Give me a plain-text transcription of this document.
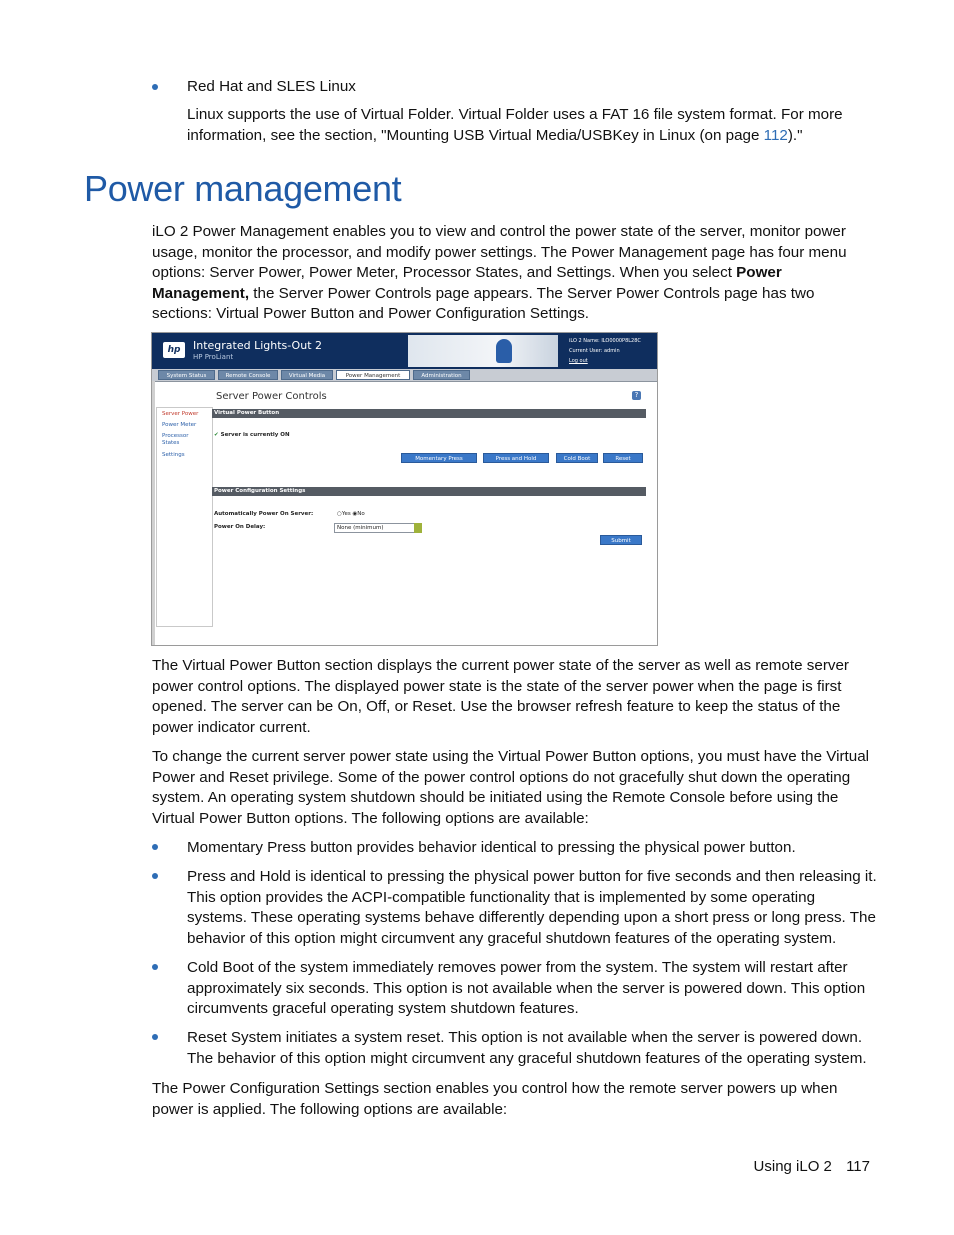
Red Hat and SLES Linux

Linux supports the use of Virtual Folder. Virtual Folder uses a FAT 16 file system format. For more information, see the section, "Mounting USB Virtual Media/USBKey in Linux (on page 112)."

Power management

iLO 2 Power Management enables you to view and control the power state of the server, monitor power usage, monitor the processor, and modify power settings. The Power Management page has four menu options: Server Power, Power Meter, Processor States, and Settings. When you select Power Management, the Server Power Controls page appears. The Server Power Controls page has two sections: Virtual Power Button and Power Configuration Settings.

hp	Integrated Lights-Out 2
HP ProLiant
iLO 2 Name: ILO0000P8L28C
Current User: admin
Log out
System Status	Remote Console	Virtual Media	Power Management	Administration
Server Power
Power Meter
Processor
States
Settings
Server Power Controls	?
Virtual Power Button
✔ Server is currently ON
Momentary Press	Press and Hold	Cold Boot	Reset
Power Configuration Settings
Automatically Power On Server:	○Yes ◉No
Power On Delay:	None (minimum)
Submit

The Virtual Power Button section displays the current power state of the server as well as remote server power control options. The displayed power state is the state of the server power when the page is first opened. The server can be On, Off, or Reset. Use the browser refresh feature to keep the status of the power indicator current.

To change the current server power state using the Virtual Power Button options, you must have the Virtual Power and Reset privilege. Some of the power control options do not gracefully shut down the operating system. An operating system shutdown should be initiated using the Remote Console before using the Virtual Power Button options. The following options are available:

Momentary Press button provides behavior identical to pressing the physical power button.

Press and Hold is identical to pressing the physical power button for five seconds and then releasing it. This option provides the ACPI-compatible functionality that is implemented by some operating systems. These operating systems behave differently depending upon a short press or long press. The behavior of this option might circumvent any graceful shutdown features of the operating system.

Cold Boot of the system immediately removes power from the system. The system will restart after approximately six seconds. This option is not available when the server is powered down. This option circumvents graceful operating system shutdown features.

Reset System initiates a system reset. This option is not available when the server is powered down. The behavior of this option might circumvent any graceful shutdown features of the operating system.

The Power Configuration Settings section enables you control how the remote server powers up when power is applied. The following options are available:

Using iLO 2 117
